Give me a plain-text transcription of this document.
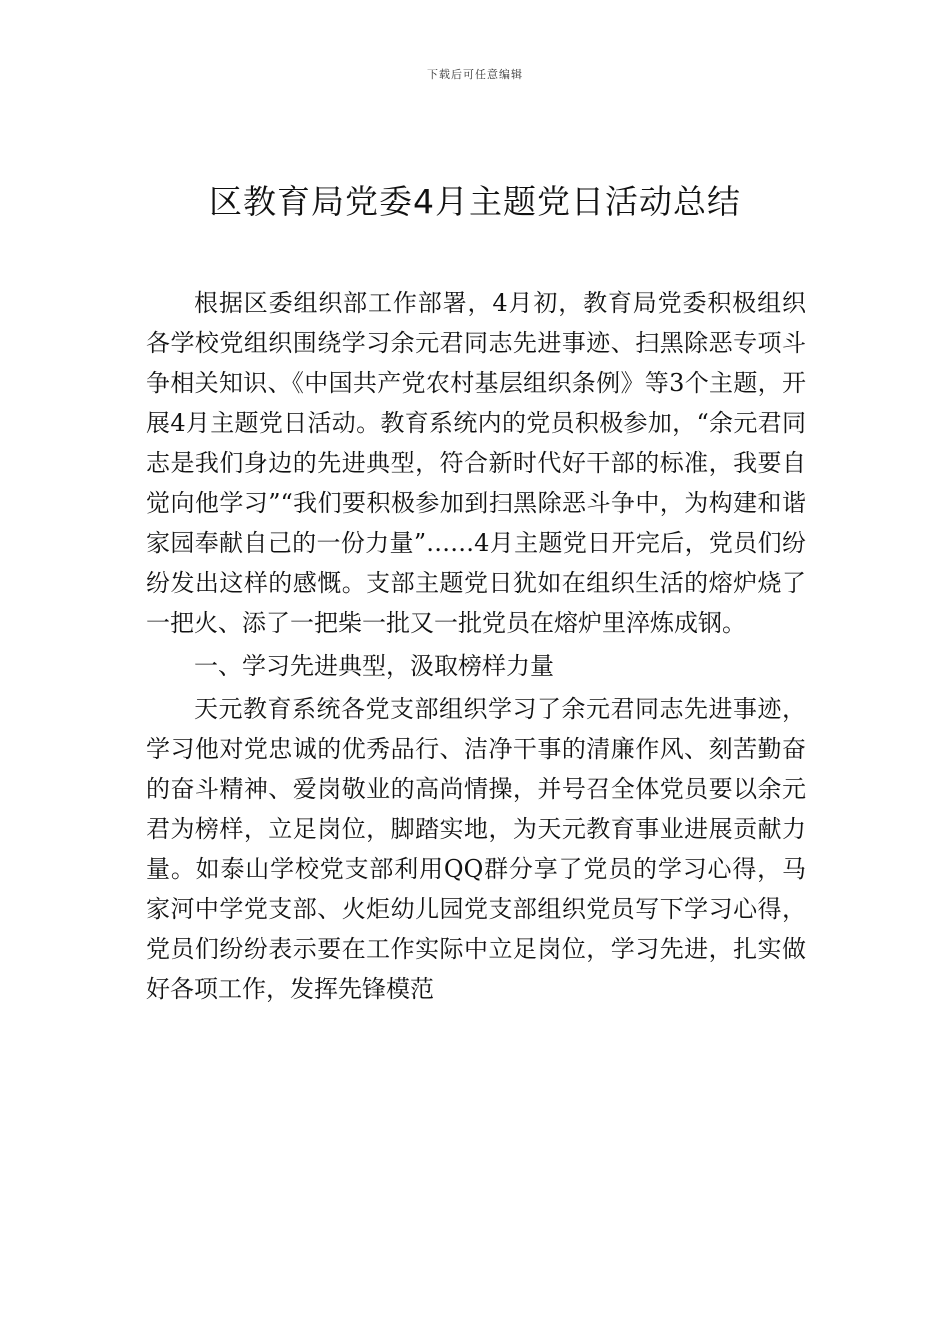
下载后可任意编辑
区教育局党委4月主题党日活动总结

根据区委组织部工作部署，4月初，教育局党委积极组织各学校党组织围绕学习余元君同志先进事迹、扫黑除恶专项斗争相关知识、《中国共产党农村基层组织条例》等3个主题，开展4月主题党日活动。教育系统内的党员积极参加，“余元君同志是我们身边的先进典型，符合新时代好干部的标准，我要自觉向他学习”“我们要积极参加到扫黑除恶斗争中，为构建和谐家园奉献自己的一份力量”……4月主题党日开完后，党员们纷纷发出这样的感慨。支部主题党日犹如在组织生活的熔炉烧了一把火、添了一把柴一批又一批党员在熔炉里淬炼成钢。

一、学习先进典型，汲取榜样力量

天元教育系统各党支部组织学习了余元君同志先进事迹，学习他对党忠诚的优秀品行、洁净干事的清廉作风、刻苦勤奋的奋斗精神、爱岗敬业的高尚情操，并号召全体党员要以余元君为榜样，立足岗位，脚踏实地，为天元教育事业进展贡献力量。如泰山学校党支部利用QQ群分享了党员的学习心得，马家河中学党支部、火炬幼儿园党支部组织党员写下学习心得，党员们纷纷表示要在工作实际中立足岗位，学习先进，扎实做好各项工作，发挥先锋模范
